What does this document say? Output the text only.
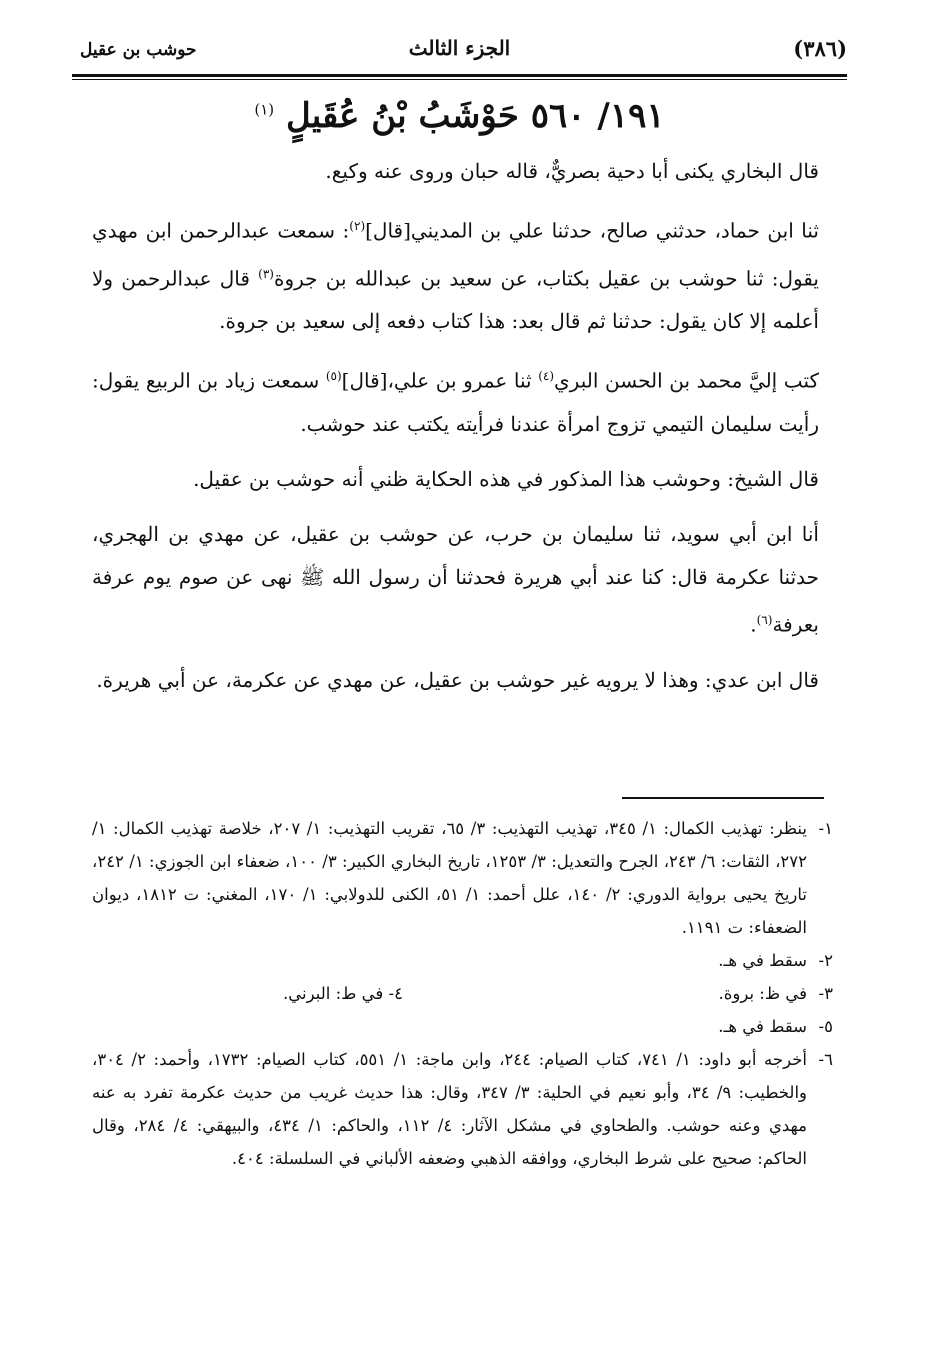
(٣٨٦)
الجزء الثالث
حوشب بن عقيل
١٩١/ ٥٦٠ حَوْشَبُ بْنُ عُقَيلٍ $^{(١)}$

قال البخاري يكنى أبا دحية بصريٌّ، قاله حبان وروى عنه وكيع.

ثنا ابن حماد، حدثني صالح، حدثنا علي بن المديني[قال]$^{(٢)}$: سمعت عبدالرحمن ابن مهدي يقول: ثنا حوشب بن عقيل بكتاب، عن سعيد بن عبدالله بن جروة$^{(٣)}$ قال عبدالرحمن ولا أعلمه إلا كان يقول: حدثنا ثم قال بعد: هذا كتاب دفعه إلى سعيد بن جروة.

كتب إليَّ محمد بن الحسن البري$^{(٤)}$ ثنا عمرو بن علي،[قال]$^{(٥)}$ سمعت زياد بن الربيع يقول: رأيت سليمان التيمي تزوج امرأة عندنا فرأيته يكتب عند حوشب.

قال الشيخ: وحوشب هذا المذكور في هذه الحكاية ظني أنه حوشب بن عقيل.

أنا ابن أبي سويد، ثنا سليمان بن حرب، عن حوشب بن عقيل، عن مهدي بن الهجري، حدثنا عكرمة قال: كنا عند أبي هريرة فحدثنا أن رسول الله ﷺ نهى عن صوم يوم عرفة بعرفة$^{(٦)}$.

قال ابن عدي: وهذا لا يرويه غير حوشب بن عقيل، عن مهدي عن عكرمة، عن أبي هريرة.

١-
ينظر: تهذيب الكمال: ١/ ٣٤٥، تهذيب التهذيب: ٣/ ٦٥، تقريب التهذيب: ١/ ٢٠٧، خلاصة تهذيب الكمال: ١/ ٢٧٢، الثقات: ٦/ ٢٤٣، الجرح والتعديل: ٣/ ١٢٥٣، تاريخ البخاري الكبير: ٣/ ١٠٠، ضعفاء ابن الجوزي: ١/ ٢٤٢، تاريخ يحيى برواية الدوري: ٢/ ١٤٠، علل أحمد: ١/ ٥١، الكنى للدولابي: ١/ ١٧٠، المغني: ت ١٨١٢، ديوان الضعفاء: ت ١١٩١.
٢-
سقط في هـ.
٣-
في ظ: بروة.
٤- في ط: البرني.
٥-
سقط في هـ.
٦-
أخرجه أبو داود: ١/ ٧٤١، كتاب الصيام: ٢٤٤، وابن ماجة: ١/ ٥٥١، كتاب الصيام: ١٧٣٢، وأحمد: ٢/ ٣٠٤، والخطيب: ٩/ ٣٤، وأبو نعيم في الحلية: ٣/ ٣٤٧، وقال: هذا حديث غريب من حديث عكرمة تفرد به عنه مهدي وعنه حوشب. والطحاوي في مشكل الآثار: ٤/ ١١٢، والحاكم: ١/ ٤٣٤، والبيهقي: ٤/ ٢٨٤، وقال الحاكم: صحيح على شرط البخاري، ووافقه الذهبي وضعفه الألباني في السلسلة: ٤٠٤.
